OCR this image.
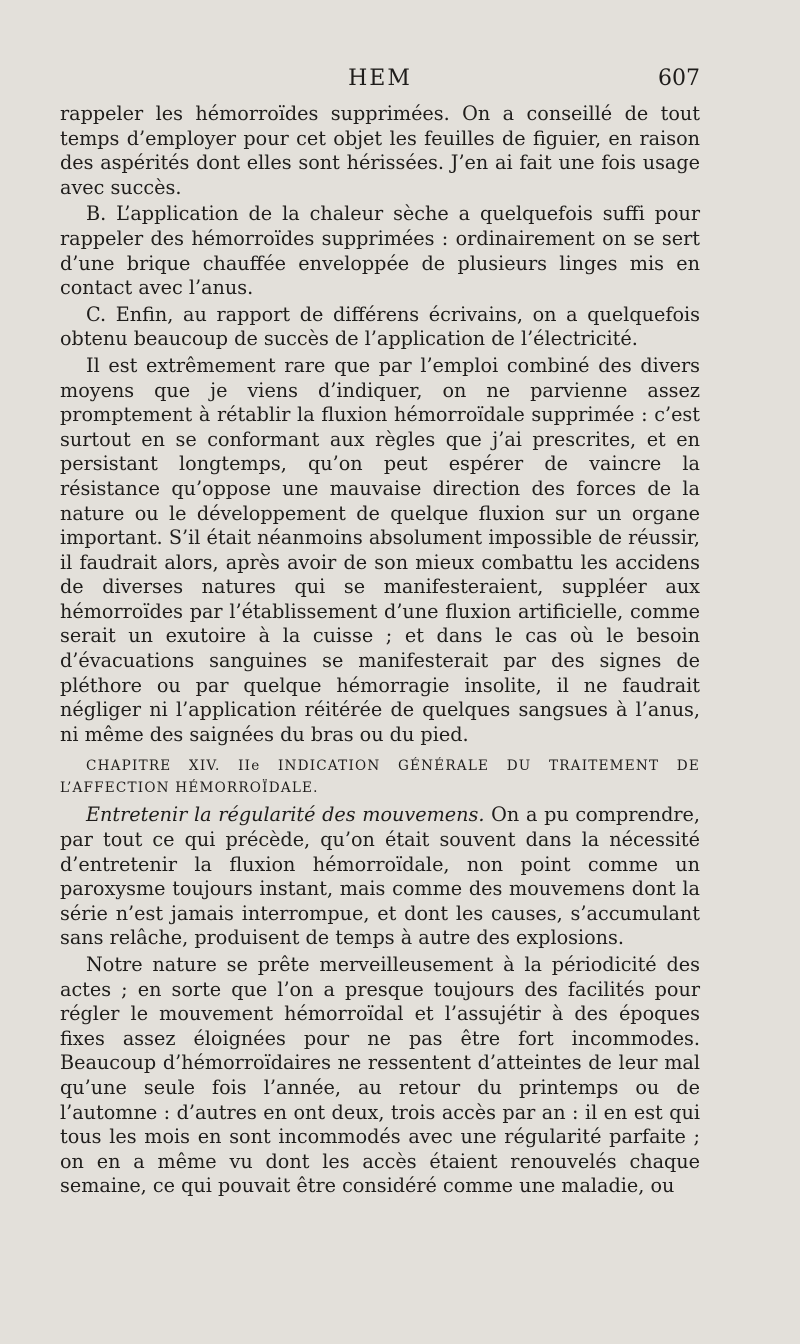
HEM	607

rappeler les hémorroïdes supprimées. On a conseillé de tout temps d’employer pour cet objet les feuilles de figuier, en raison des aspérités dont elles sont hérissées. J’en ai fait une fois usage avec succès.

B. L’application de la chaleur sèche a quelquefois suffi pour rappeler des hémorroïdes supprimées : ordinairement on se sert d’une brique chauffée enveloppée de plusieurs linges mis en contact avec l’anus.

C. Enfin, au rapport de différens écrivains, on a quelquefois obtenu beaucoup de succès de l’application de l’électricité.

Il est extrêmement rare que par l’emploi combiné des divers moyens que je viens d’indiquer, on ne parvienne assez promptement à rétablir la fluxion hémorroïdale supprimée : c’est surtout en se conformant aux règles que j’ai prescrites, et en persistant longtemps, qu’on peut espérer de vaincre la résistance qu’oppose une mauvaise direction des forces de la nature ou le développement de quelque fluxion sur un organe important. S’il était néanmoins absolument impossible de réussir, il faudrait alors, après avoir de son mieux combattu les accidens de diverses natures qui se manifesteraient, suppléer aux hémorroïdes par l’établissement d’une fluxion artificielle, comme serait un exutoire à la cuisse ; et dans le cas où le besoin d’évacuations sanguines se manifesterait par des signes de pléthore ou par quelque hémorragie insolite, il ne faudrait négliger ni l’application réitérée de quelques sangsues à l’anus, ni même des saignées du bras ou du pied.

CHAPITRE XIV. IIe INDICATION GÉNÉRALE DU TRAITEMENT DE L’AFFECTION HÉMORROÏDALE.

Entretenir la régularité des mouvemens. On a pu comprendre, par tout ce qui précède, qu’on était souvent dans la nécessité d’entretenir la fluxion hémorroïdale, non point comme un paroxysme toujours instant, mais comme des mouvemens dont la série n’est jamais interrompue, et dont les causes, s’accumulant sans relâche, produisent de temps à autre des explosions.

Notre nature se prête merveilleusement à la périodicité des actes ; en sorte que l’on a presque toujours des facilités pour régler le mouvement hémorroïdal et l’assujétir à des époques fixes assez éloignées pour ne pas être fort incommodes. Beaucoup d’hémorroïdaires ne ressentent d’atteintes de leur mal qu’une seule fois l’année, au retour du printemps ou de l’automne : d’autres en ont deux, trois accès par an : il en est qui tous les mois en sont incommodés avec une régularité parfaite ; on en a même vu dont les accès étaient renouvelés chaque semaine, ce qui pouvait être considéré comme une maladie, ou
